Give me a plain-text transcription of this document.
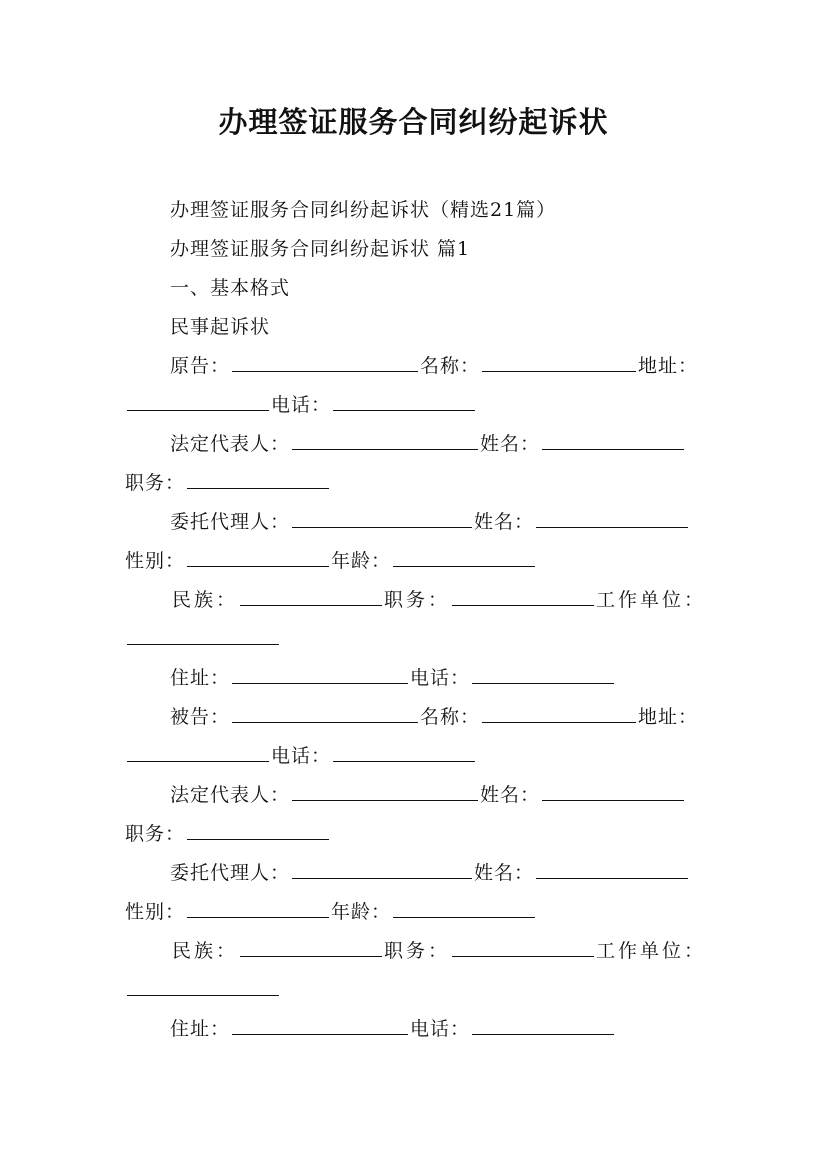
办理签证服务合同纠纷起诉状
办理签证服务合同纠纷起诉状（精选21篇）
办理签证服务合同纠纷起诉状 篇1
一、基本格式
民事起诉状
原告：	名称：	地址：
电话：
法定代表人：	姓名：
职务：
委托代理人：	姓名：
性别：	年龄：
民族：	职务：	工作单位：
住址：	电话：
被告：	名称：	地址：
电话：
法定代表人：	姓名：
职务：
委托代理人：	姓名：
性别：	年龄：
民族：	职务：	工作单位：
住址：	电话：
